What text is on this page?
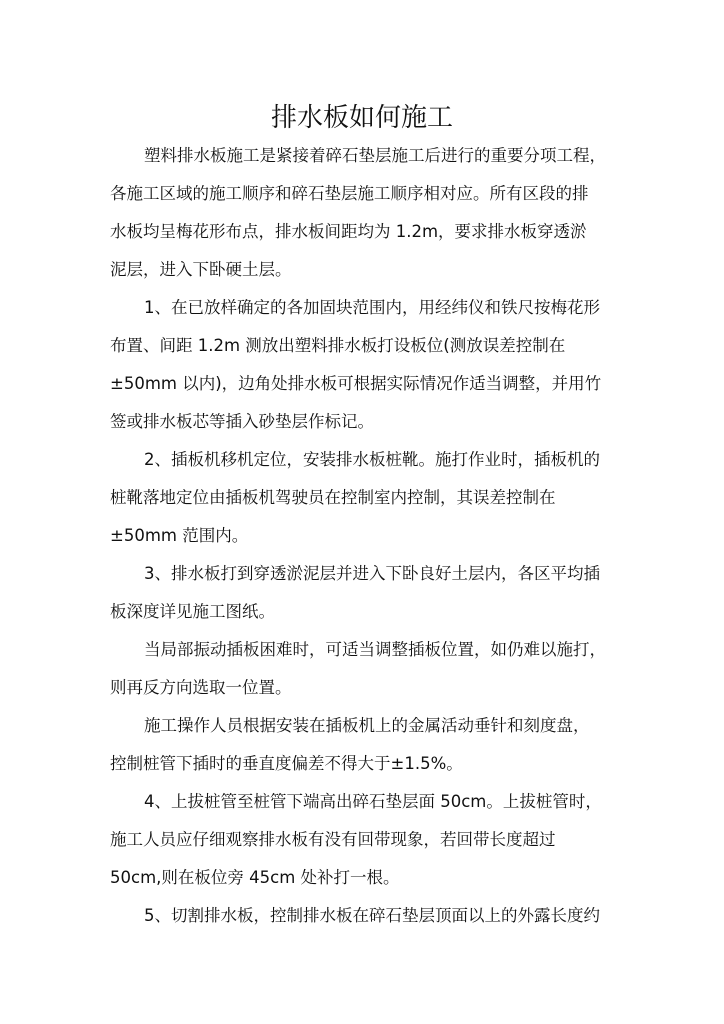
排水板如何施工

塑料排水板施工是紧接着碎石垫层施工后进行的重要分项工程，

各施工区域的施工顺序和碎石垫层施工顺序相对应。所有区段的排

水板均呈梅花形布点，排水板间距均为 1.2m，要求排水板穿透淤

泥层，进入下卧硬土层。

1、在已放样确定的各加固块范围内，用经纬仪和铁尺按梅花形

布置、间距 1.2m 测放出塑料排水板打设板位(测放误差控制在

±50mm 以内)，边角处排水板可根据实际情况作适当调整，并用竹

签或排水板芯等插入砂垫层作标记。

2、插板机移机定位，安装排水板桩靴。施打作业时，插板机的

桩靴落地定位由插板机驾驶员在控制室内控制，其误差控制在

±50mm 范围内。

3、排水板打到穿透淤泥层并进入下卧良好土层内，各区平均插

板深度详见施工图纸。

当局部振动插板困难时，可适当调整插板位置，如仍难以施打，

则再反方向选取一位置。

施工操作人员根据安装在插板机上的金属活动垂针和刻度盘，

控制桩管下插时的垂直度偏差不得大于±1.5%。

4、上拔桩管至桩管下端高出碎石垫层面 50cm。上拔桩管时，

施工人员应仔细观察排水板有没有回带现象，若回带长度超过

50cm,则在板位旁 45cm 处补打一根。

5、切割排水板，控制排水板在碎石垫层顶面以上的外露长度约
